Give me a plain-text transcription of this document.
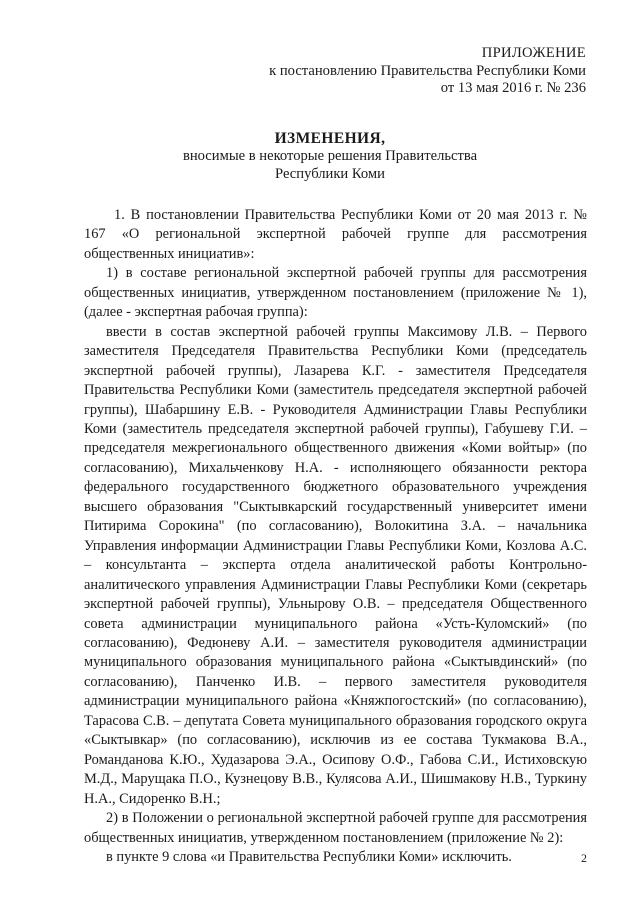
ПРИЛОЖЕНИЕ
к постановлению Правительства Республики Коми
от 13 мая 2016 г. № 236
ИЗМЕНЕНИЯ,
вносимые в некоторые решения Правительства
Республики Коми

1. В постановлении Правительства Республики Коми от 20 мая 2013 г. № 167 «О региональной экспертной рабочей группе для рассмотрения общественных инициатив»:

1) в составе региональной экспертной рабочей группы для рассмотрения общественных инициатив, утвержденном постановлением (приложение № 1), (далее - экспертная рабочая группа):

ввести в состав экспертной рабочей группы Максимову Л.В. – Первого заместителя Председателя Правительства Республики Коми (председатель экспертной рабочей группы), Лазарева К.Г. - заместителя Председателя Правительства Республики Коми (заместитель председателя экспертной рабочей группы), Шабаршину Е.В. - Руководителя Администрации Главы Республики Коми (заместитель председателя экспертной рабочей группы), Габушеву Г.И. – председателя межрегионального общественного движения «Коми войтыр» (по согласованию), Михальченкову Н.А. - исполняющего обязанности ректора федерального государственного бюджетного образовательного учреждения высшего образования "Сыктывкарский государственный университет имени Питирима Сорокина" (по согласованию), Волокитина З.А. – начальника Управления информации Администрации Главы Республики Коми, Козлова А.С. – консультанта – эксперта отдела аналитической работы Контрольно-аналитического управления Администрации Главы Республики Коми (секретарь экспертной рабочей группы), Ульнырову О.В. – председателя Общественного совета администрации муниципального района «Усть-Куломский» (по согласованию), Федюневу А.И. – заместителя руководителя администрации муниципального образования муниципального района «Сыктывдинский» (по согласованию), Панченко И.В. – первого заместителя руководителя администрации муниципального района «Княжпогостский» (по согласованию), Тарасова С.В. – депутата Совета муниципального образования городского округа «Сыктывкар» (по согласованию), исключив из ее состава Тукмакова В.А., Романданова К.Ю., Худазарова Э.А., Осипову О.Ф., Габова С.И., Истиховскую М.Д., Марущака П.О., Кузнецову В.В., Кулясова А.И., Шишмакову Н.В., Туркину Н.А., Сидоренко В.Н.;

2) в Положении о региональной экспертной рабочей группе для рассмотрения общественных инициатив, утвержденном постановлением (приложение № 2):

в пункте 9 слова «и Правительства Республики Коми» исключить.	2
